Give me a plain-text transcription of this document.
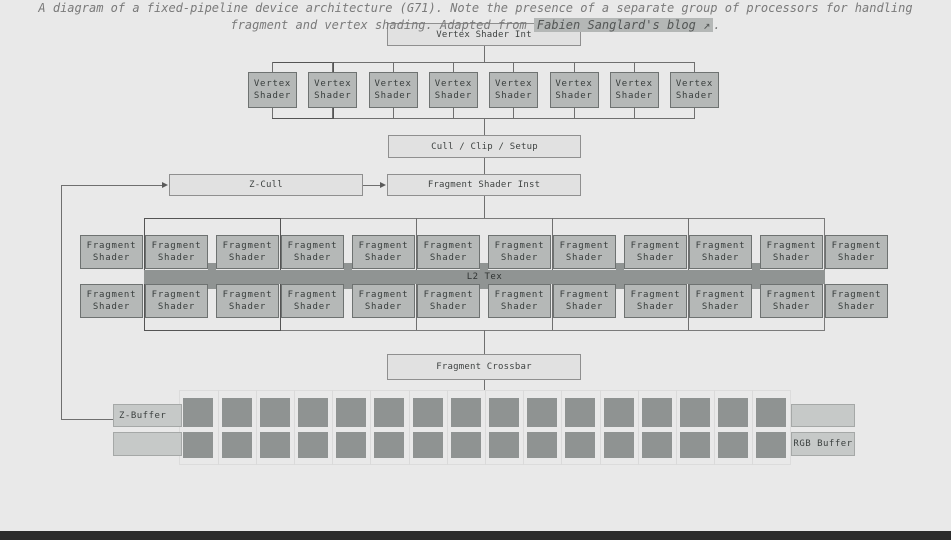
Vertex Shader Int
Vertex
Shader
Vertex
Shader
Vertex
Shader
Vertex
Shader
Vertex
Shader
Vertex
Shader
Vertex
Shader
Vertex
Shader
Cull / Clip / Setup
Z-Cull	Fragment Shader Inst
L2 Tex
Fragment
Shader
Fragment
Shader
Fragment
Shader
Fragment
Shader
Fragment
Shader
Fragment
Shader
Fragment
Shader
Fragment
Shader
Fragment
Shader
Fragment
Shader
Fragment
Shader
Fragment
Shader
Fragment
Shader
Fragment
Shader
Fragment
Shader
Fragment
Shader
Fragment
Shader
Fragment
Shader
Fragment
Shader
Fragment
Shader
Fragment
Shader
Fragment
Shader
Fragment
Shader
Fragment
Shader
Fragment Crossbar
Z-Buffer
RGB Buffer
A diagram of a fixed-pipeline device architecture (G71). Note the presence of a separate group of processors for handling
fragment and vertex shading. Adapted from Fabien Sanglard's blog ↗ .
